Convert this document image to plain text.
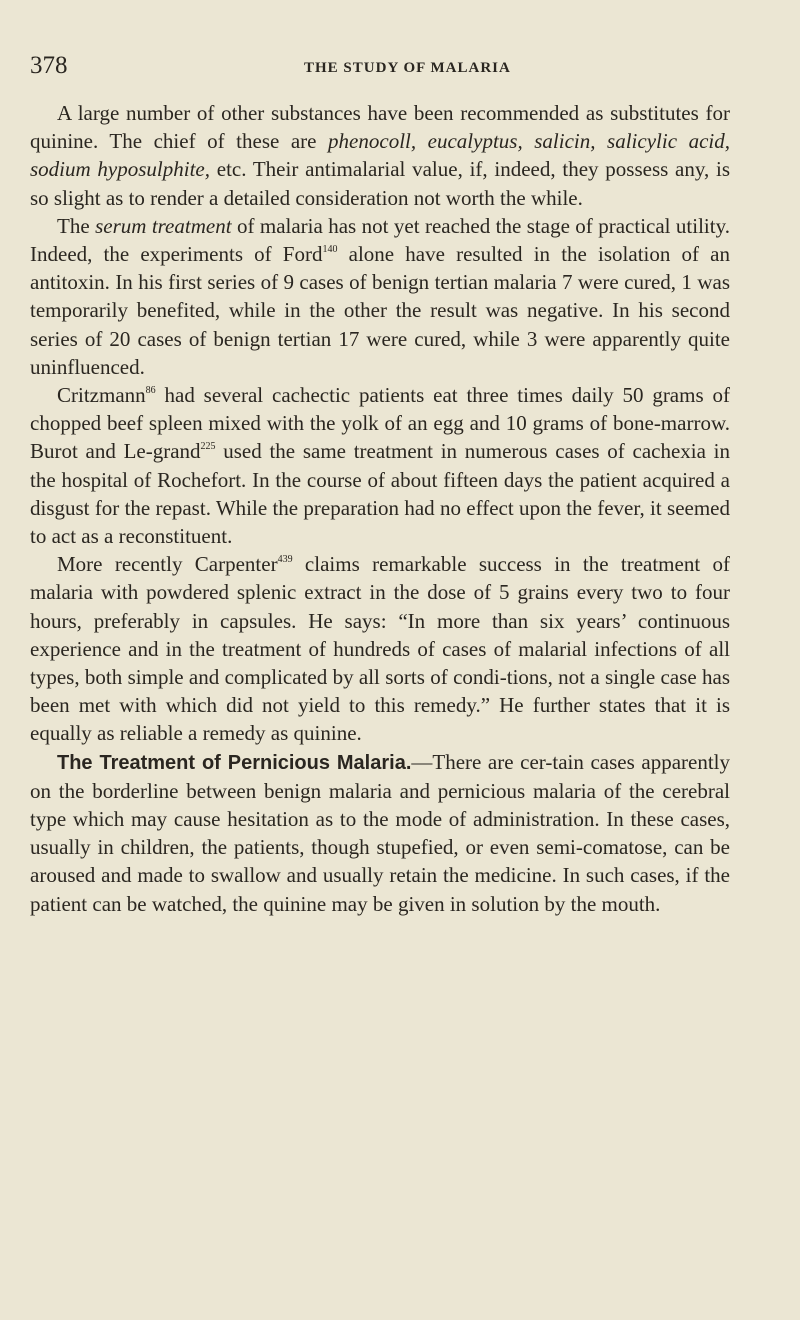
378	THE STUDY OF MALARIA

A large number of other substances have been recommended as substitutes for quinine. The chief of these are phenocoll, eucalyptus, salicin, salicylic acid, sodium hyposulphite, etc. Their antimalarial value, if, indeed, they possess any, is so slight as to render a detailed consideration not worth the while.

The serum treatment of malaria has not yet reached the stage of practical utility. Indeed, the experiments of Ford$^{140}$ alone have resulted in the isolation of an antitoxin. In his first series of 9 cases of benign tertian malaria 7 were cured, 1 was temporarily benefited, while in the other the result was negative. In his second series of 20 cases of benign tertian 17 were cured, while 3 were apparently quite uninfluenced.

Critzmann$^{86}$ had several cachectic patients eat three times daily 50 grams of chopped beef spleen mixed with the yolk of an egg and 10 grams of bone-marrow. Burot and Le-grand$^{225}$ used the same treatment in numerous cases of cachexia in the hospital of Rochefort. In the course of about fifteen days the patient acquired a disgust for the repast. While the preparation had no effect upon the fever, it seemed to act as a reconstituent.

More recently Carpenter$^{439}$ claims remarkable success in the treatment of malaria with powdered splenic extract in the dose of 5 grains every two to four hours, preferably in capsules. He says: “In more than six years’ continuous experience and in the treatment of hundreds of cases of malarial infections of all types, both simple and complicated by all sorts of condi-tions, not a single case has been met with which did not yield to this remedy.” He further states that it is equally as reliable a remedy as quinine.

The Treatment of Pernicious Malaria.—There are cer-tain cases apparently on the borderline between benign malaria and pernicious malaria of the cerebral type which may cause hesitation as to the mode of administration. In these cases, usually in children, the patients, though stupefied, or even semi-comatose, can be aroused and made to swallow and usually retain the medicine. In such cases, if the patient can be watched, the quinine may be given in solution by the mouth.
